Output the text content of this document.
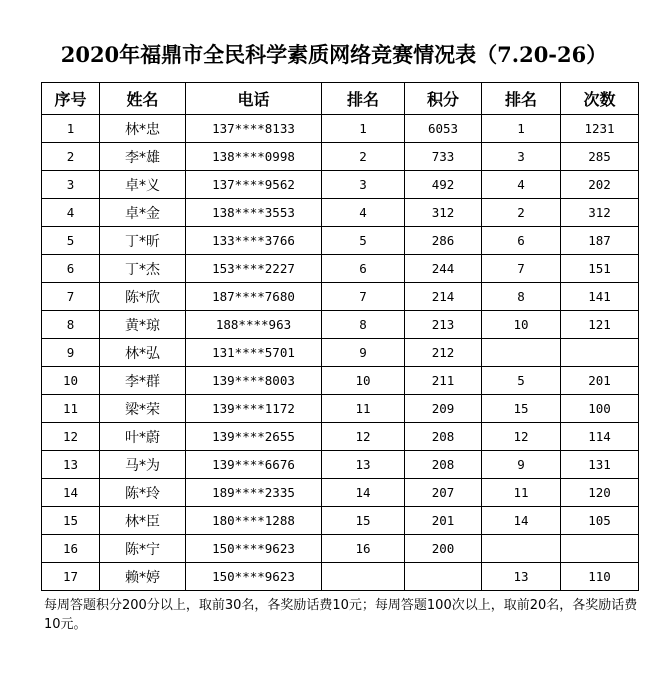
2020年福鼎市全民科学素质网络竞赛情况表（7.20-26）
序号	姓名	电话	排名	积分	排名	次数
1	林*忠	137****8133	1	6053	1	1231
2	李*雄	138****0998	2	733	3	285
3	卓*义	137****9562	3	492	4	202
4	卓*金	138****3553	4	312	2	312
5	丁*昕	133****3766	5	286	6	187
6	丁*杰	153****2227	6	244	7	151
7	陈*欣	187****7680	7	214	8	141
8	黄*琼	188****963	8	213	10	121
9	林*弘	131****5701	9	212		
10	李*群	139****8003	10	211	5	201
11	梁*荣	139****1172	11	209	15	100
12	叶*蔚	139****2655	12	208	12	114
13	马*为	139****6676	13	208	9	131
14	陈*玲	189****2335	14	207	11	120
15	林*臣	180****1288	15	201	14	105
16	陈*宁	150****9623	16	200		
17	赖*婷	150****9623			13	110
每周答题积分200分以上，取前30名，各奖励话费10元；每周答题100次以上，取前20名，各奖励话费10元。
